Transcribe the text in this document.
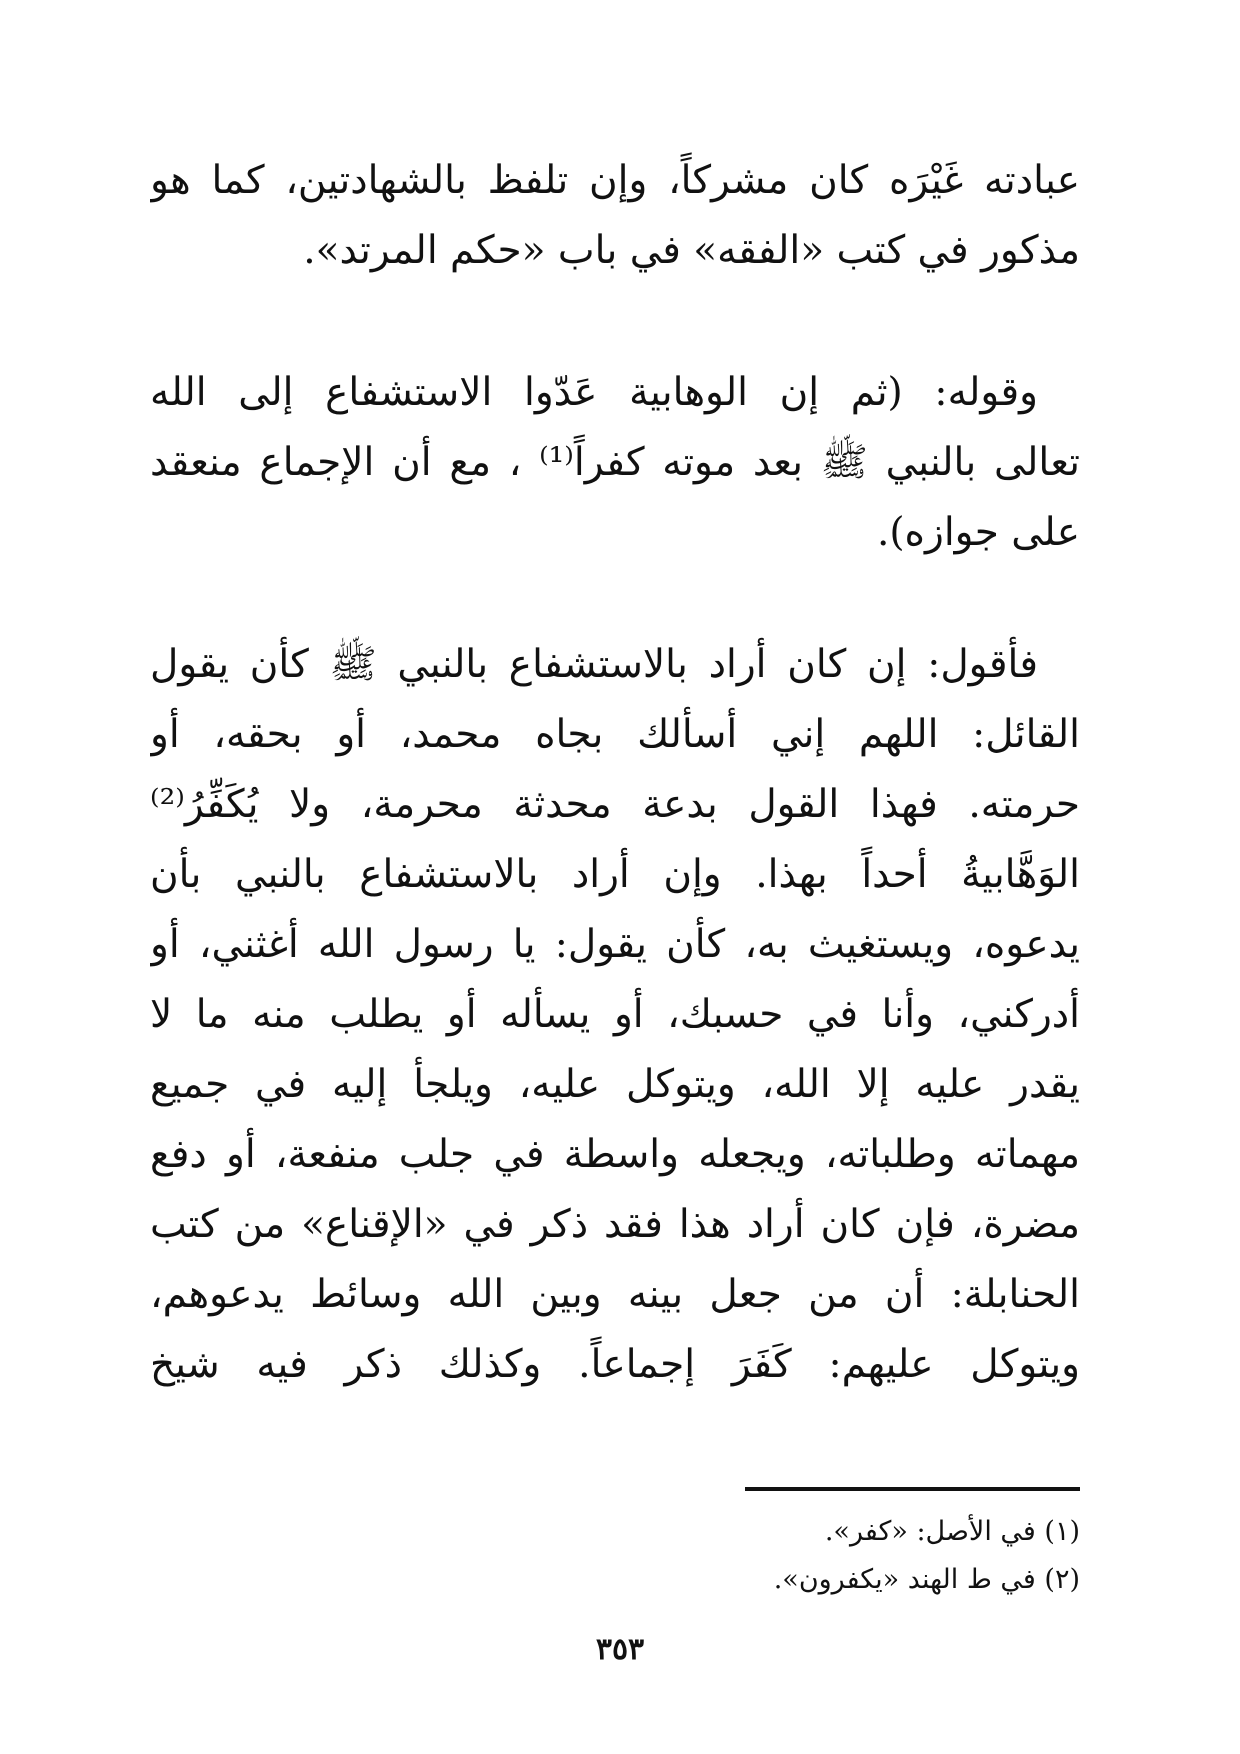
عبادته غَيْرَه كان مشركاً، وإن تلفظ بالشهادتين، كما هو
مذكور في كتب «الفقه» في باب «حكم المرتد».
وقوله: (ثم إن الوهابية عَدّوا الاستشفاع إلى الله
تعالى بالنبي ﷺ بعد موته كفراً⁽¹⁾ ، مع أن الإجماع منعقد
على جوازه).
فأقول: إن كان أراد بالاستشفاع بالنبي ﷺ كأن يقول
القائل: اللهم إني أسألك بجاه محمد، أو بحقه، أو
حرمته. فهذا القول بدعة محدثة محرمة، ولا يُكَفِّرُ⁽²⁾
الوَهَّابيةُ أحداً بهذا. وإن أراد بالاستشفاع بالنبي بأن
يدعوه، ويستغيث به، كأن يقول: يا رسول الله أغثني، أو
أدركني، وأنا في حسبك، أو يسأله أو يطلب منه ما لا
يقدر عليه إلا الله، ويتوكل عليه، ويلجأ إليه في جميع
مهماته وطلباته، ويجعله واسطة في جلب منفعة، أو دفع
مضرة، فإن كان أراد هذا فقد ذكر في «الإقناع» من كتب
الحنابلة: أن من جعل بينه وبين الله وسائط يدعوهم،
ويتوكل عليهم: كَفَرَ إجماعاً. وكذلك ذكر فيه شيخ
(١) في الأصل: «كفر».
(٢) في ط الهند «يكفرون».
٣٥٣
